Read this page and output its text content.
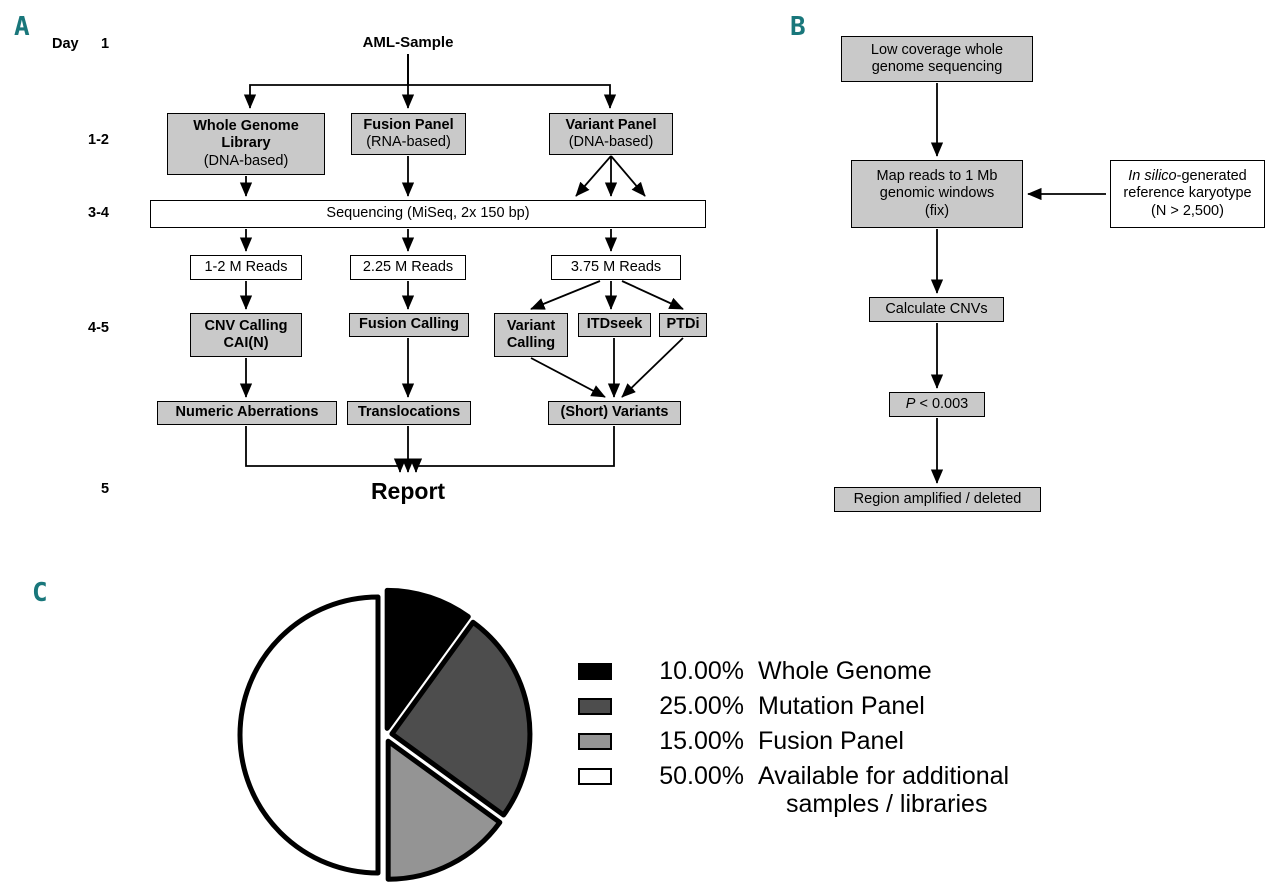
A	B
C
Day 1
1-2
3-4
4-5
5
AML-Sample
Whole Genome
Library
(DNA-based)
Fusion Panel
(RNA-based)
Variant Panel
(DNA-based)
Sequencing (MiSeq, 2x 150 bp)
1-2 M Reads	2.25 M Reads	3.75 M Reads
CNV Calling
CAI(N)
Fusion Calling	Variant
Calling
ITDseek	PTDi
Numeric Aberrations	Translocations	(Short) Variants
Report
Low coverage whole
genome sequencing
Map reads to 1 Mb
genomic windows
(fix)
In silico-generated
reference karyotype
(N > 2,500)
Calculate CNVs
P < 0.003
Region amplified / deleted
10.00% Whole Genome
25.00% Mutation Panel
15.00% Fusion Panel
50.00% Available for additional
samples / libraries
